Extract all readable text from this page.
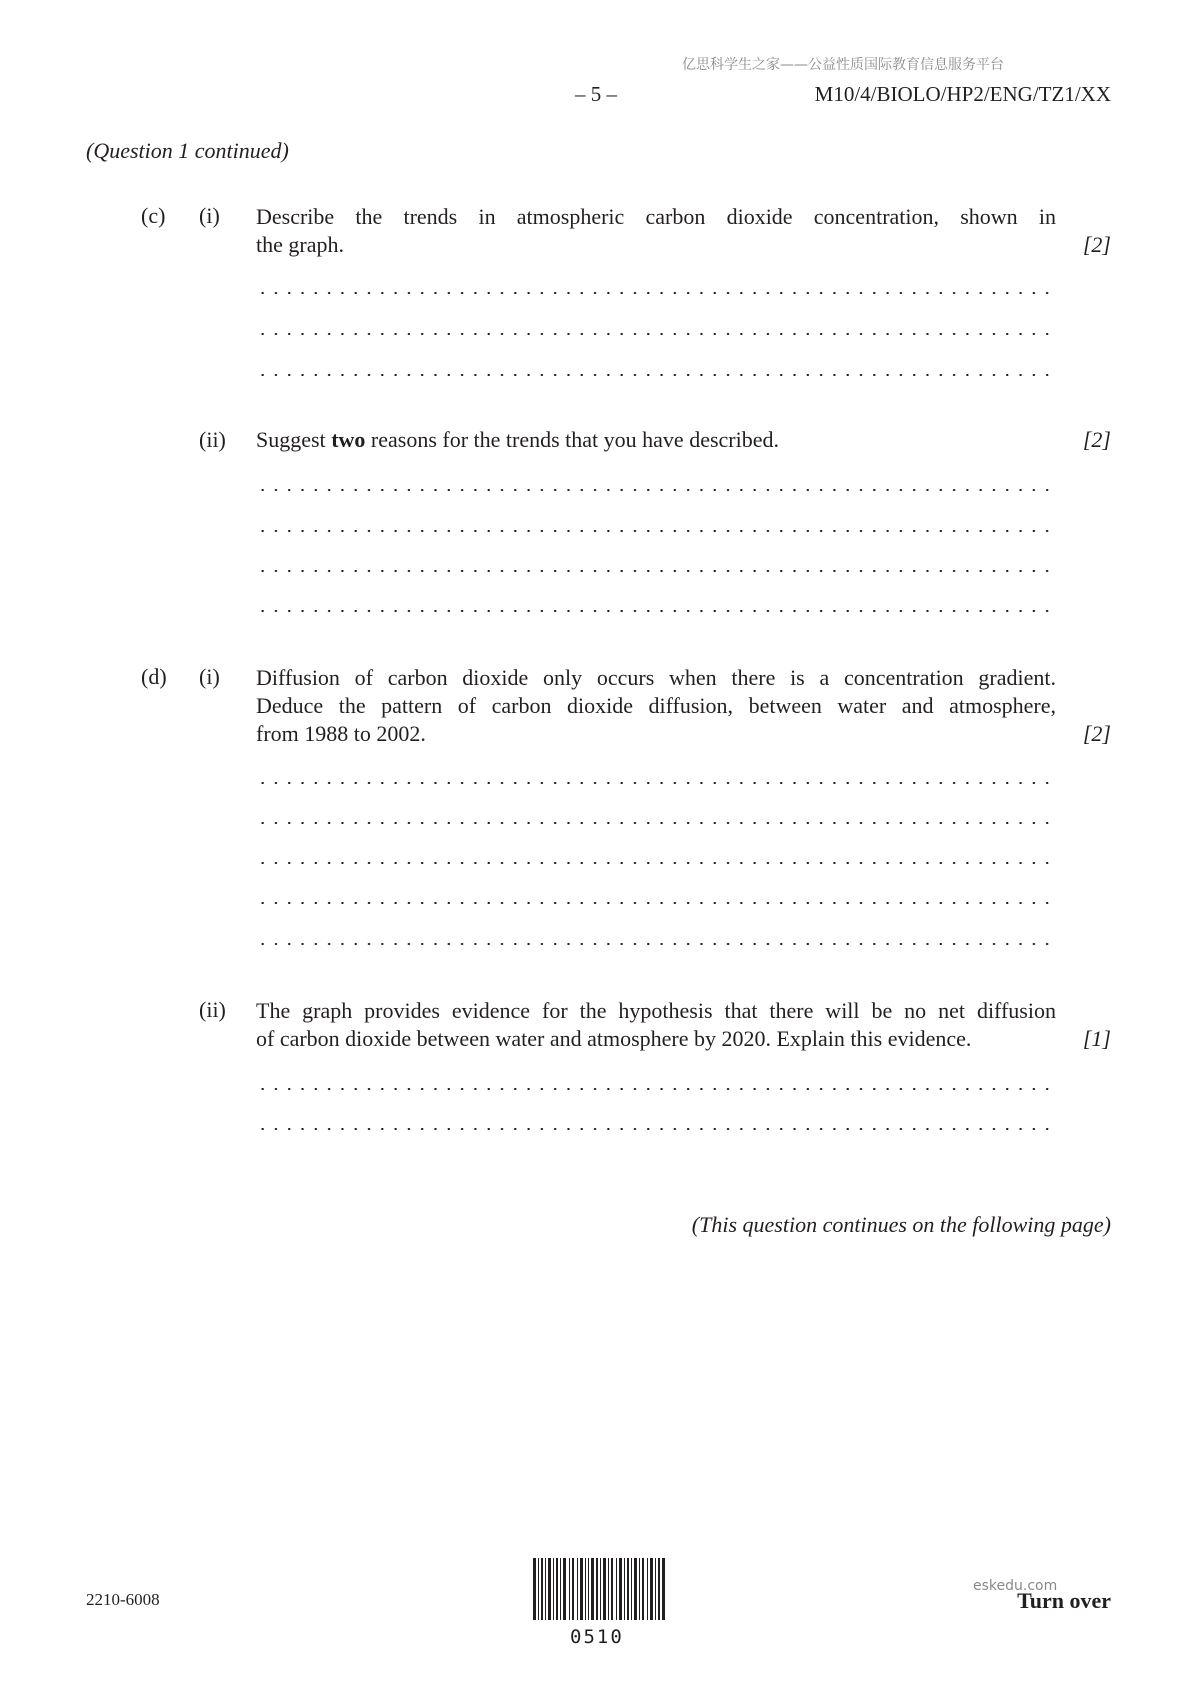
亿思科学生之家——公益性质国际教育信息服务平台
– 5 –	M10/4/BIOLO/HP2/ENG/TZ1/XX
(Question 1 continued)
(c) (i) Describe the trends in atmospheric carbon dioxide concentration, shown in
the graph.	[2]
(ii) Suggest two reasons for the trends that you have described.	[2]
(d) (i) Diffusion of carbon dioxide only occurs when there is a concentration gradient.
Deduce the pattern of carbon dioxide diffusion, between water and atmosphere,
from 1988 to 2002.	[2]
(ii) The graph provides evidence for the hypothesis that there will be no net diffusion
of carbon dioxide between water and atmosphere by 2020. Explain this evidence.	[1]
(This question continues on the following page)
2210-6008
0510
eskedu.com
Turn over
